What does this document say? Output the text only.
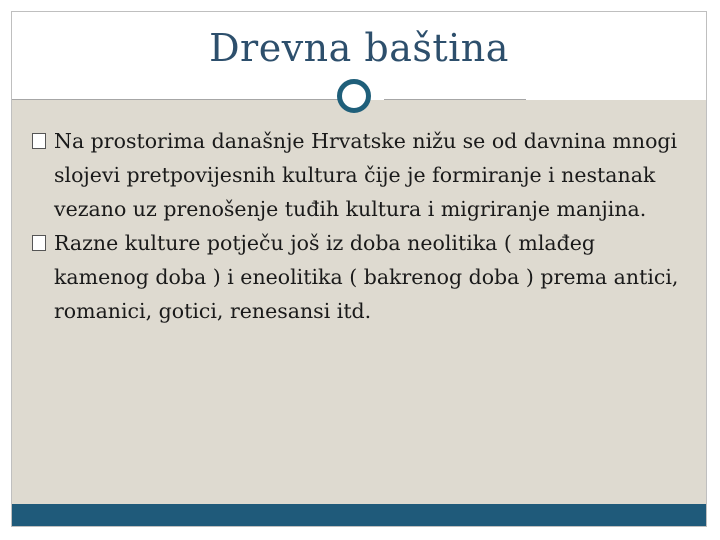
Drevna baština

Na prostorima današnje Hrvatske nižu se od davnina mnogi slojevi pretpovijesnih kultura čije je formiranje i nestanak vezano uz prenošenje tuđih kultura i migriranje manjina.

Razne kulture potječu još iz doba neolitika ( mlađeg kamenog doba ) i eneolitika ( bakrenog doba ) prema antici, romanici, gotici, renesansi itd.
